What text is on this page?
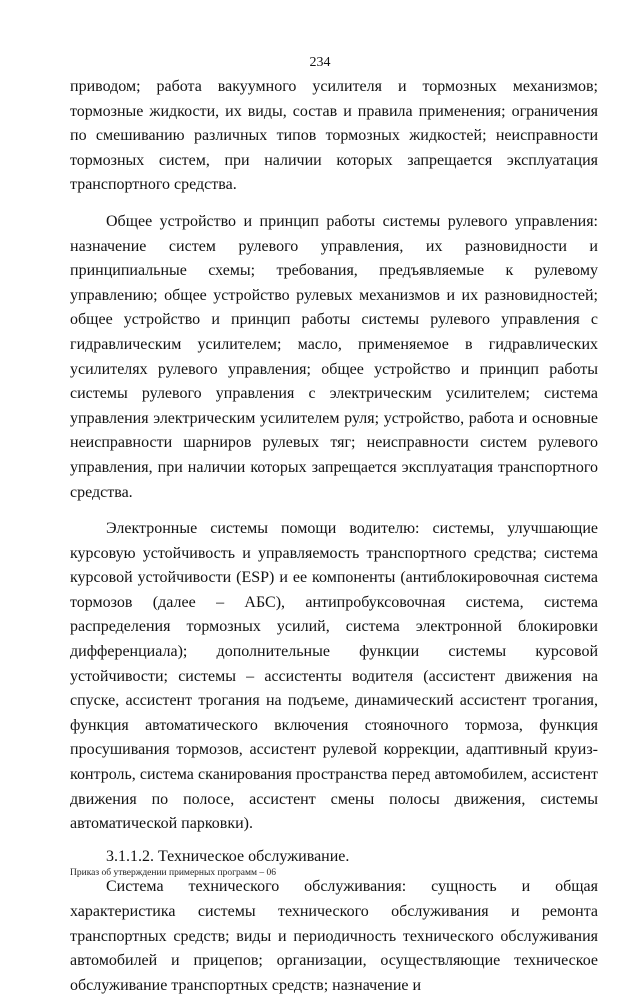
234

приводом; работа вакуумного усилителя и тормозных механизмов; тормозные жидкости, их виды, состав и правила применения; ограничения по смешиванию различных типов тормозных жидкостей; неисправности тормозных систем, при наличии которых запрещается эксплуатация транспортного средства.

Общее устройство и принцип работы системы рулевого управления: назначение систем рулевого управления, их разновидности и принципиальные схемы; требования, предъявляемые к рулевому управлению; общее устройство рулевых механизмов и их разновидностей; общее устройство и принцип работы системы рулевого управления с гидравлическим усилителем; масло, применяемое в гидравлических усилителях рулевого управления; общее устройство и принцип работы системы рулевого управления с электрическим усилителем; система управления электрическим усилителем руля; устройство, работа и основные неисправности шарниров рулевых тяг; неисправности систем рулевого управления, при наличии которых запрещается эксплуатация транспортного средства.

Электронные системы помощи водителю: системы, улучшающие курсовую устойчивость и управляемость транспортного средства; система курсовой устойчивости (ESP) и ее компоненты (антиблокировочная система тормозов (далее – АБС), антипробуксовочная система, система распределения тормозных усилий, система электронной блокировки дифференциала); дополнительные функции системы курсовой устойчивости; системы – ассистенты водителя (ассистент движения на спуске, ассистент трогания на подъеме, динамический ассистент трогания, функция автоматического включения стояночного тормоза, функция просушивания тормозов, ассистент рулевой коррекции, адаптивный круиз-контроль, система сканирования пространства перед автомобилем, ассистент движения по полосе, ассистент смены полосы движения, системы автоматической парковки).

3.1.1.2. Техническое обслуживание.

Система технического обслуживания: сущность и общая характеристика системы технического обслуживания и ремонта транспортных средств; виды и периодичность технического обслуживания автомобилей и прицепов; организации, осуществляющие техническое обслуживание транспортных средств; назначение и

Приказ об утверждении примерных программ – 06
